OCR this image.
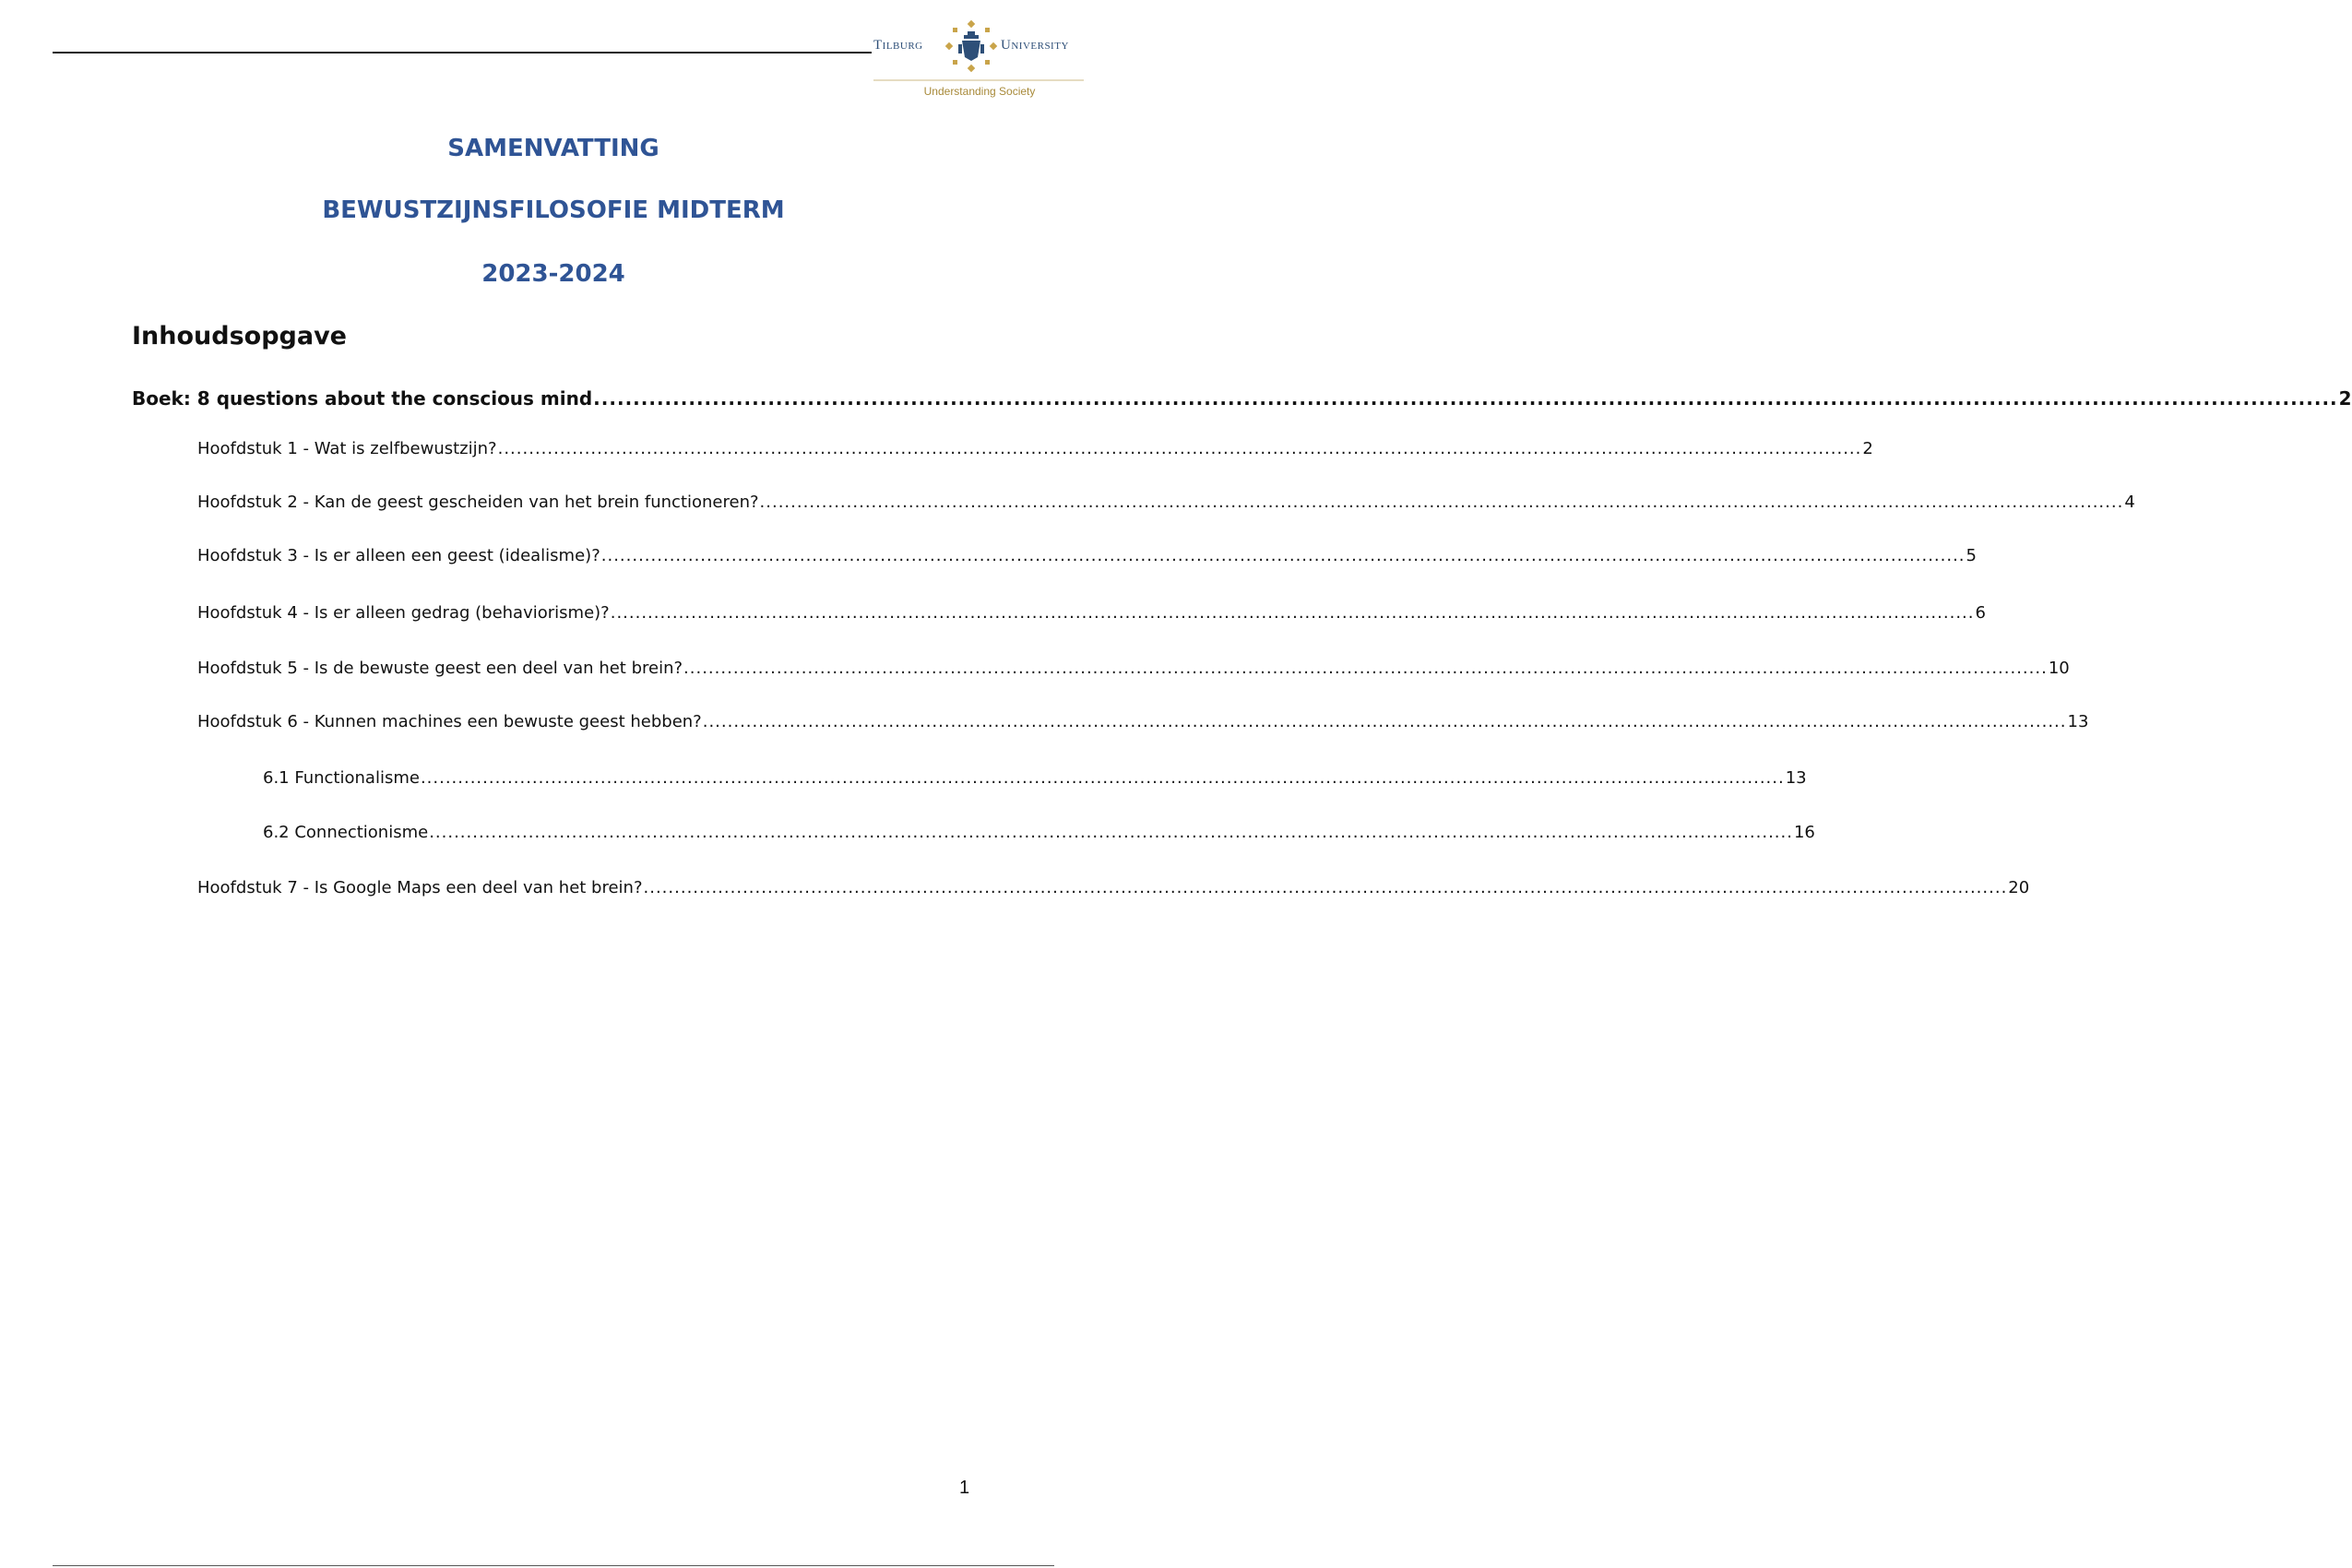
Tilburg	University
Understanding Society
SAMENVATTING
BEWUSTZIJNSFILOSOFIE MIDTERM
2023-2024
Inhoudsopgave
Boek: 8 questions about the conscious mind ............................................................................................................................................................................................................................ 2
Hoofdstuk 1 - Wat is zelfbewustzijn? ............................................................................................................................................................................................................................ 2
Hoofdstuk 2 - Kan de geest gescheiden van het brein functioneren? ............................................................................................................................................................................................................................ 4
Hoofdstuk 3 - Is er alleen een geest (idealisme)? ............................................................................................................................................................................................................................ 5
Hoofdstuk 4 - Is er alleen gedrag (behaviorisme)? ............................................................................................................................................................................................................................ 6
Hoofdstuk 5 - Is de bewuste geest een deel van het brein? ............................................................................................................................................................................................................................ 10
Hoofdstuk 6 - Kunnen machines een bewuste geest hebben? ............................................................................................................................................................................................................................ 13
6.1 Functionalisme ............................................................................................................................................................................................................................ 13
6.2 Connectionisme ............................................................................................................................................................................................................................ 16
Hoofdstuk 7 - Is Google Maps een deel van het brein? ............................................................................................................................................................................................................................ 20
1
